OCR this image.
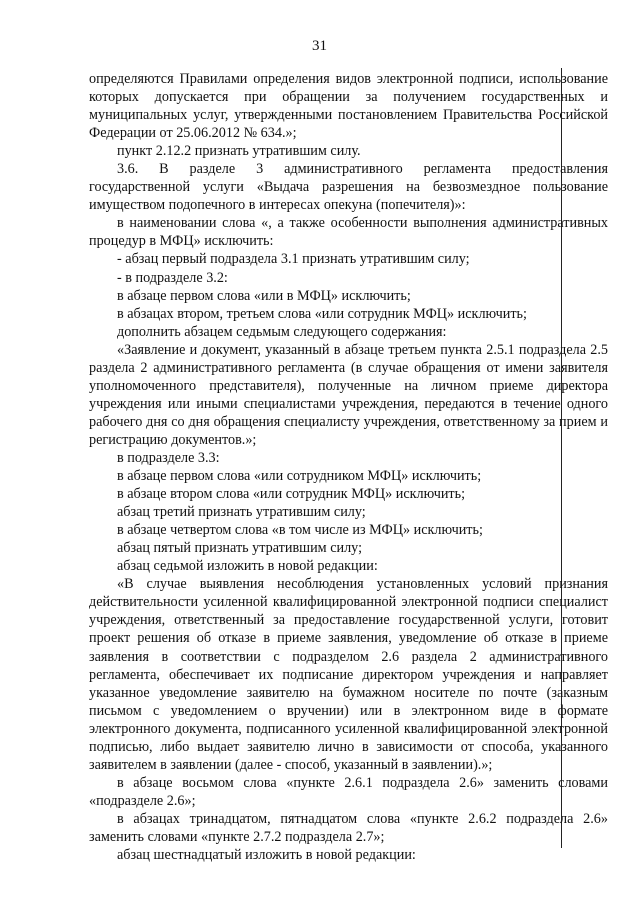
31

определяются Правилами определения видов электронной подписи, использование которых допускается при обращении за получением государственных и муниципальных услуг, утвержденными постановлением Правительства Российской Федерации от 25.06.2012 № 634.»;

пункт 2.12.2 признать утратившим силу.

3.6. В разделе 3 административного регламента предоставления государственной услуги «Выдача разрешения на безвозмездное пользование имуществом подопечного в интересах опекуна (попечителя)»:

в наименовании слова «, а также особенности выполнения административных процедур в МФЦ» исключить:

- абзац первый подраздела 3.1 признать утратившим силу;

- в подразделе 3.2:

в абзаце первом слова «или в МФЦ» исключить;

в абзацах втором, третьем слова «или сотрудник МФЦ» исключить;

дополнить абзацем седьмым следующего содержания:

«Заявление и документ, указанный в абзаце третьем пункта 2.5.1 подраздела 2.5 раздела 2 административного регламента (в случае обращения от имени заявителя уполномоченного представителя), полученные на личном приеме директора учреждения или иными специалистами учреждения, передаются в течение одного рабочего дня со дня обращения специалисту учреждения, ответственному за прием и регистрацию документов.»;

в подразделе 3.3:

в абзаце первом слова «или сотрудником МФЦ» исключить;

в абзаце втором слова «или сотрудник МФЦ» исключить;

абзац третий признать утратившим силу;

в абзаце четвертом слова «в том числе из МФЦ» исключить;

абзац пятый признать утратившим силу;

абзац седьмой изложить в новой редакции:

«В случае выявления несоблюдения установленных условий признания действительности усиленной квалифицированной электронной подписи специалист учреждения, ответственный за предоставление государственной услуги, готовит проект решения об отказе в приеме заявления, уведомление об отказе в приеме заявления в соответствии с подразделом 2.6 раздела 2 административного регламента, обеспечивает их подписание директором учреждения и направляет указанное уведомление заявителю на бумажном носителе по почте (заказным письмом с уведомлением о вручении) или в электронном виде в формате электронного документа, подписанного усиленной квалифицированной электронной подписью, либо выдает заявителю лично в зависимости от способа, указанного заявителем в заявлении (далее - способ, указанный в заявлении).»;

в абзаце восьмом слова «пункте 2.6.1 подраздела 2.6» заменить словами «подразделе 2.6»;

в абзацах тринадцатом, пятнадцатом слова «пункте 2.6.2 подраздела 2.6» заменить словами «пункте 2.7.2 подраздела 2.7»;

абзац шестнадцатый изложить в новой редакции:
